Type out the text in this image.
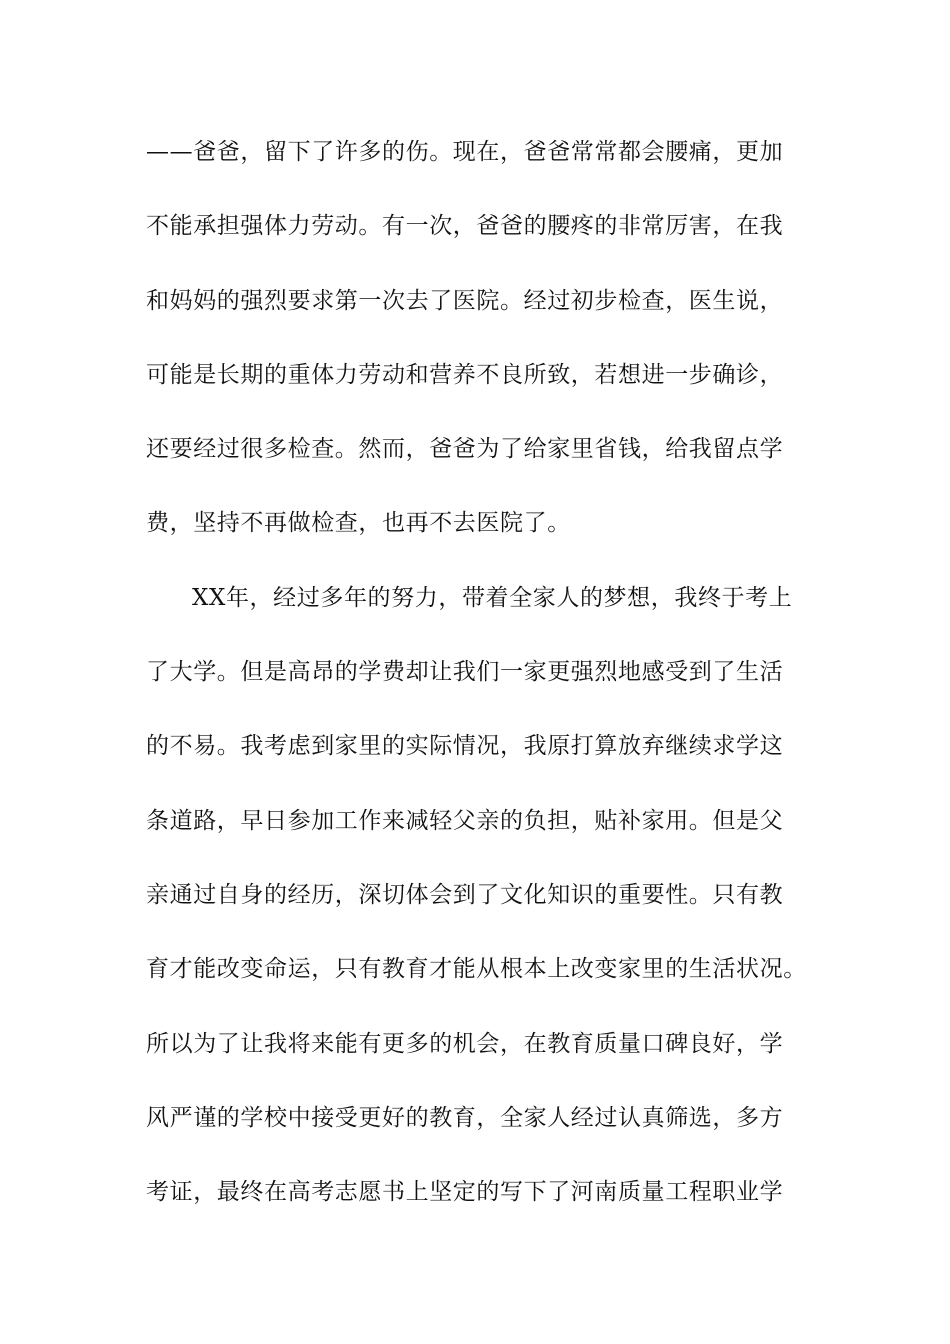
——爸爸，留下了许多的伤。现在，爸爸常常都会腰痛，更加
不能承担强体力劳动。有一次，爸爸的腰疼的非常厉害，在我
和妈妈的强烈要求第一次去了医院。经过初步检查，医生说，
可能是长期的重体力劳动和营养不良所致，若想进一步确诊，
还要经过很多检查。然而，爸爸为了给家里省钱，给我留点学
费，坚持不再做检查，也再不去医院了。
XX年，经过多年的努力，带着全家人的梦想，我终于考上
了大学。但是高昂的学费却让我们一家更强烈地感受到了生活
的不易。我考虑到家里的实际情况，我原打算放弃继续求学这
条道路，早日参加工作来减轻父亲的负担，贴补家用。但是父
亲通过自身的经历，深切体会到了文化知识的重要性。只有教
育才能改变命运，只有教育才能从根本上改变家里的生活状况。
所以为了让我将来能有更多的机会，在教育质量口碑良好，学
风严谨的学校中接受更好的教育，全家人经过认真筛选，多方
考证，最终在高考志愿书上坚定的写下了河南质量工程职业学
